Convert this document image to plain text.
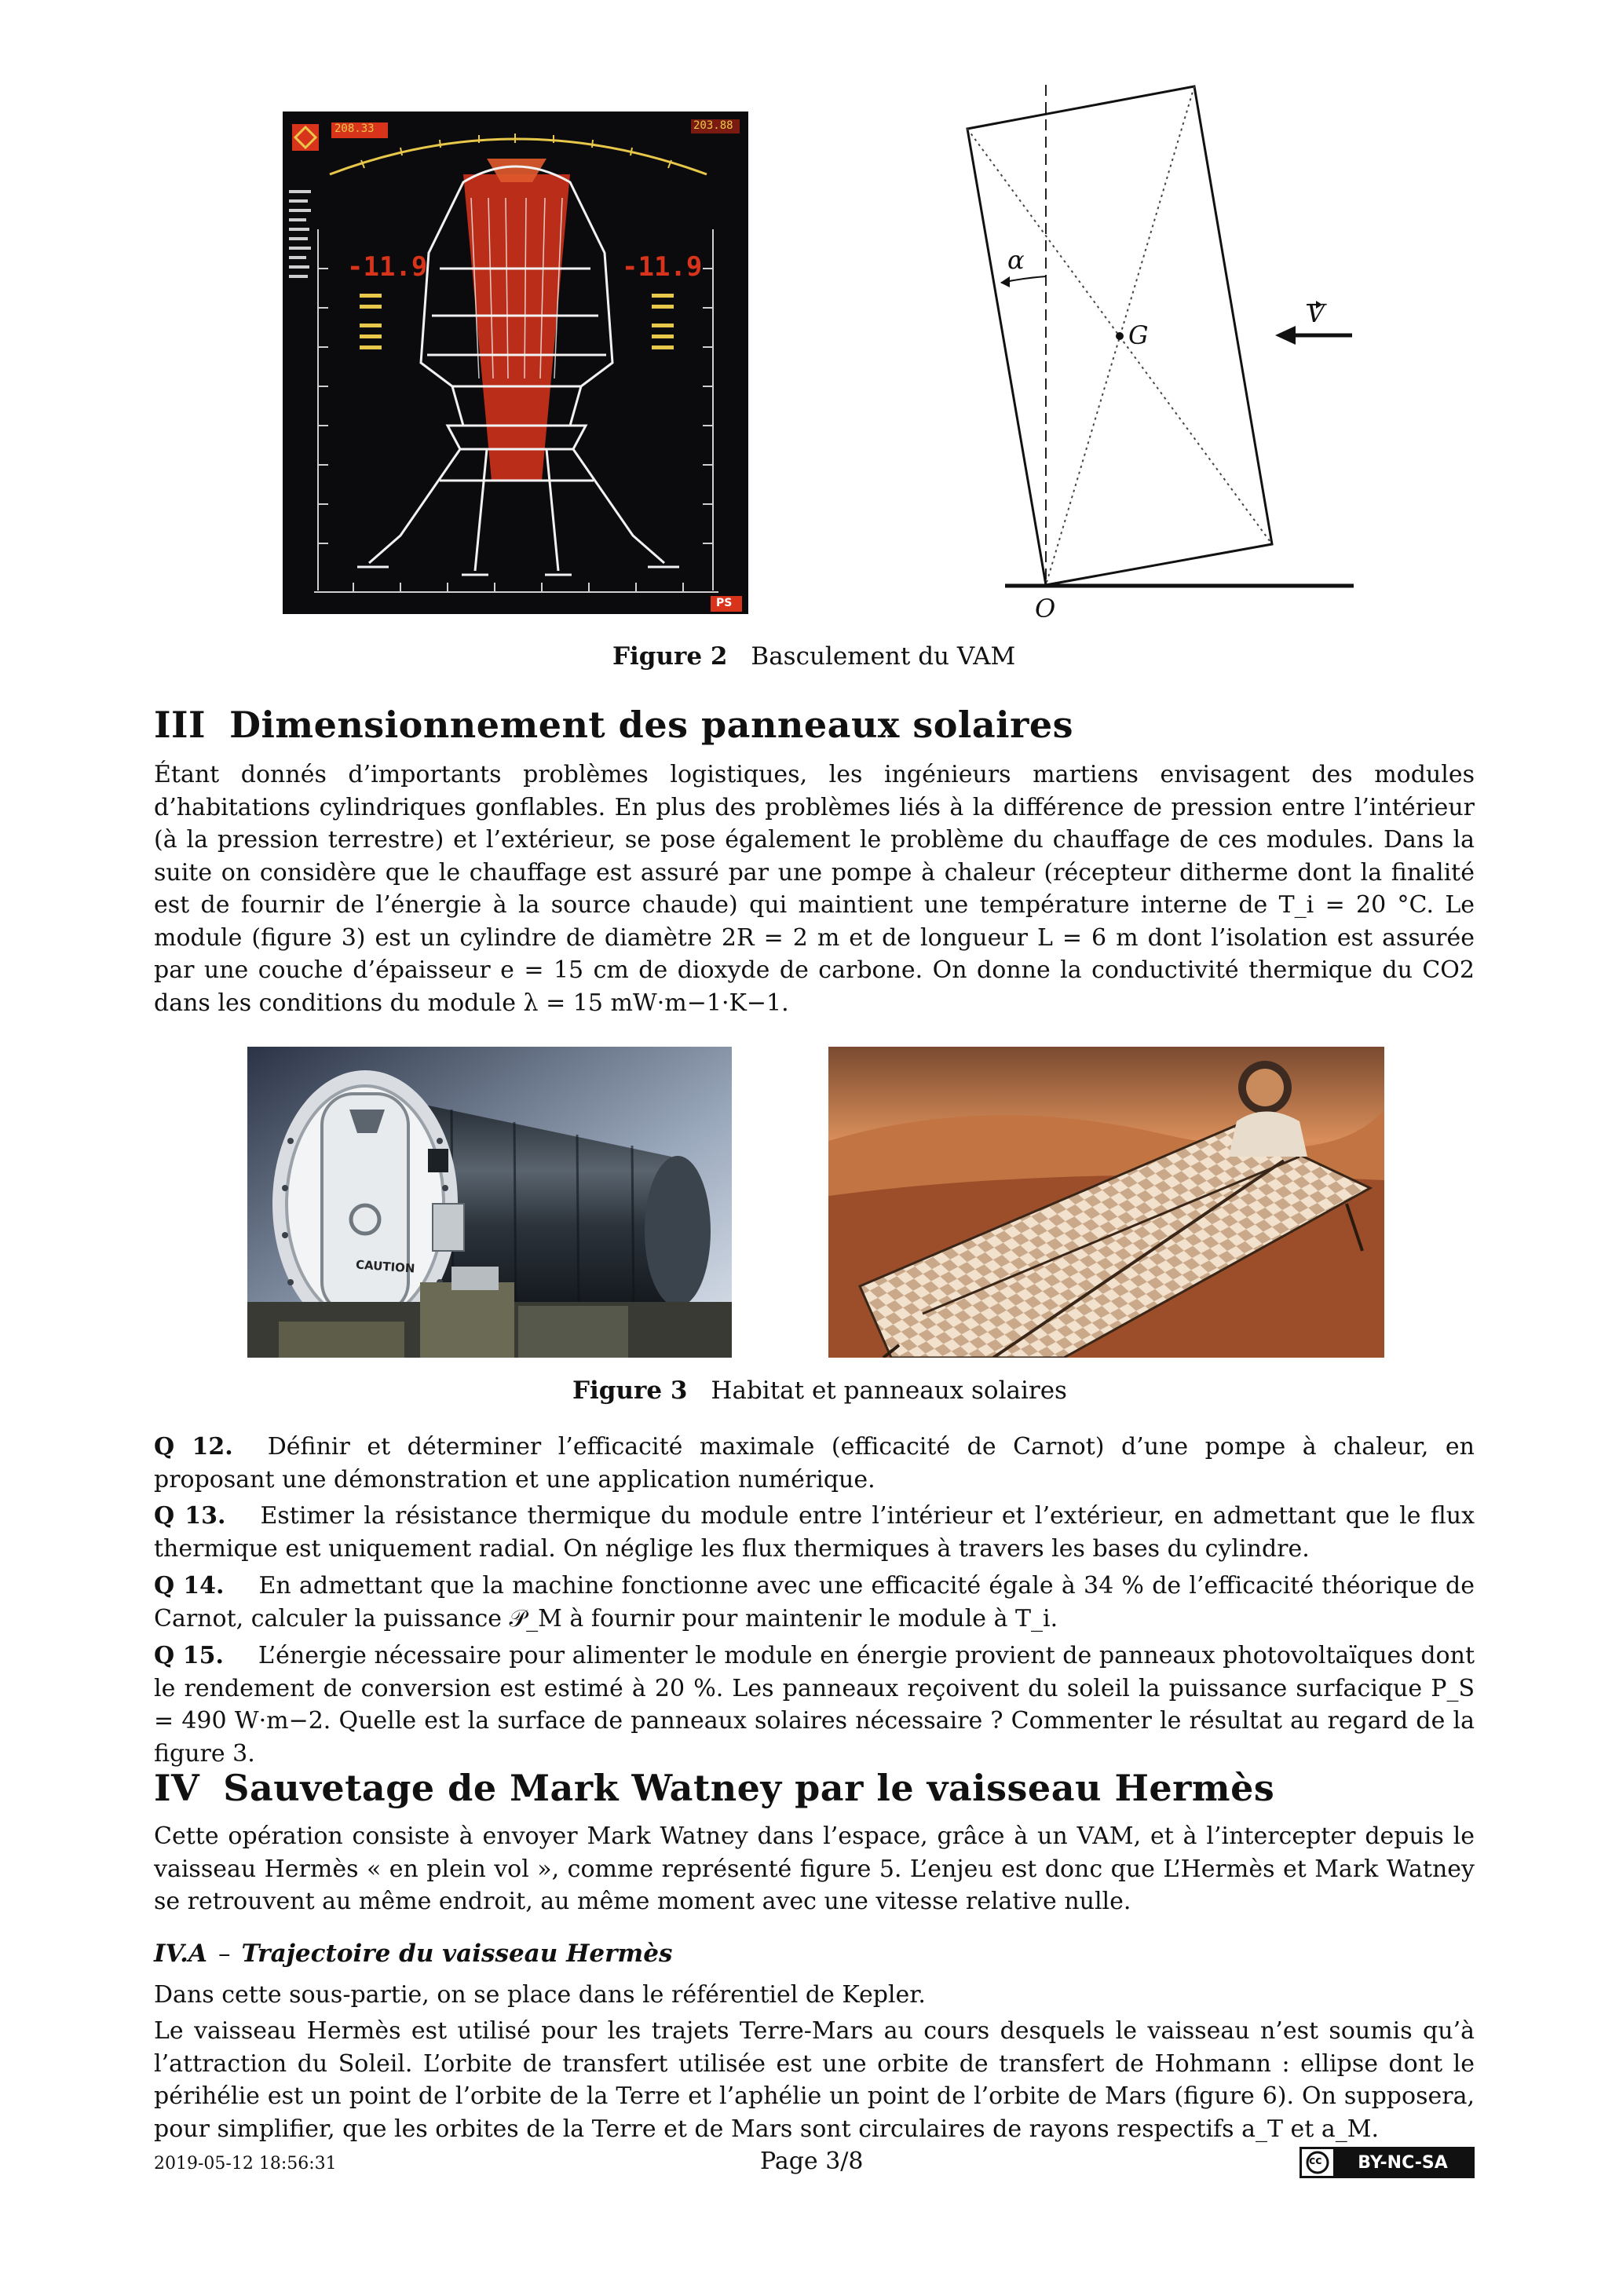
-11.9	-11.9
208.33	203.88
PS
α
G
V
O
Figure 2 Basculement du VAM
III Dimensionnement des panneaux solaires

Étant donnés d’importants problèmes logistiques, les ingénieurs martiens envisagent des modules d’habitations cylindriques gonflables. En plus des problèmes liés à la différence de pression entre l’intérieur (à la pression terrestre) et l’extérieur, se pose également le problème du chauffage de ces modules. Dans la suite on considère que le chauffage est assuré par une pompe à chaleur (récepteur ditherme dont la finalité est de fournir de l’énergie à la source chaude) qui maintient une température interne de T_i = 20 °C. Le module (figure 3) est un cylindre de diamètre 2R = 2 m et de longueur L = 6 m dont l’isolation est assurée par une couche d’épaisseur e = 15 cm de dioxyde de carbone. On donne la conductivité thermique du CO2 dans les conditions du module λ = 15 mW·m−1·K−1.

CAUTION
Figure 3 Habitat et panneaux solaires

Q 12. Définir et déterminer l’efficacité maximale (efficacité de Carnot) d’une pompe à chaleur, en proposant une démonstration et une application numérique.

Q 13. Estimer la résistance thermique du module entre l’intérieur et l’extérieur, en admettant que le flux thermique est uniquement radial. On néglige les flux thermiques à travers les bases du cylindre.

Q 14. En admettant que la machine fonctionne avec une efficacité égale à 34 % de l’efficacité théorique de Carnot, calculer la puissance 𝒫_M à fournir pour maintenir le module à T_i.

Q 15. L’énergie nécessaire pour alimenter le module en énergie provient de panneaux photovoltaïques dont le rendement de conversion est estimé à 20 %. Les panneaux reçoivent du soleil la puissance surfacique P_S = 490 W·m−2. Quelle est la surface de panneaux solaires nécessaire ? Commenter le résultat au regard de la figure 3.

IV Sauvetage de Mark Watney par le vaisseau Hermès

Cette opération consiste à envoyer Mark Watney dans l’espace, grâce à un VAM, et à l’intercepter depuis le vaisseau Hermès « en plein vol », comme représenté figure 5. L’enjeu est donc que L’Hermès et Mark Watney se retrouvent au même endroit, au même moment avec une vitesse relative nulle.

IV.A – Trajectoire du vaisseau Hermès

Dans cette sous-partie, on se place dans le référentiel de Kepler.

Le vaisseau Hermès est utilisé pour les trajets Terre-Mars au cours desquels le vaisseau n’est soumis qu’à l’attraction du Soleil. L’orbite de transfert utilisée est une orbite de transfert de Hohmann : ellipse dont le périhélie est un point de l’orbite de la Terre et l’aphélie un point de l’orbite de Mars (figure 6). On supposera, pour simplifier, que les orbites de la Terre et de Mars sont circulaires de rayons respectifs a_T et a_M.

2019-05-12 18:56:31	Page 3/8	cc	BY-NC-SA
